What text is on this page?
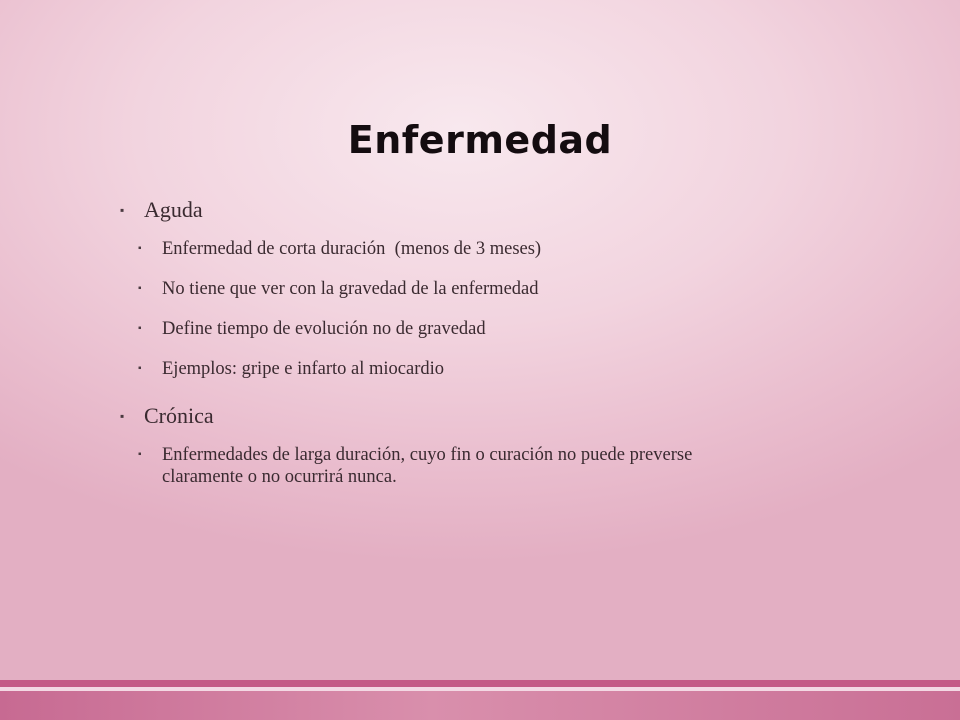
Enfermedad
▪ Aguda
▪ Enfermedad de corta duración  (menos de 3 meses)
▪ No tiene que ver con la gravedad de la enfermedad
▪ Define tiempo de evolución no de gravedad
▪ Ejemplos: gripe e infarto al miocardio
▪ Crónica
▪ Enfermedades de larga duración, cuyo fin o curación no puede preverse claramente o no ocurrirá nunca.
